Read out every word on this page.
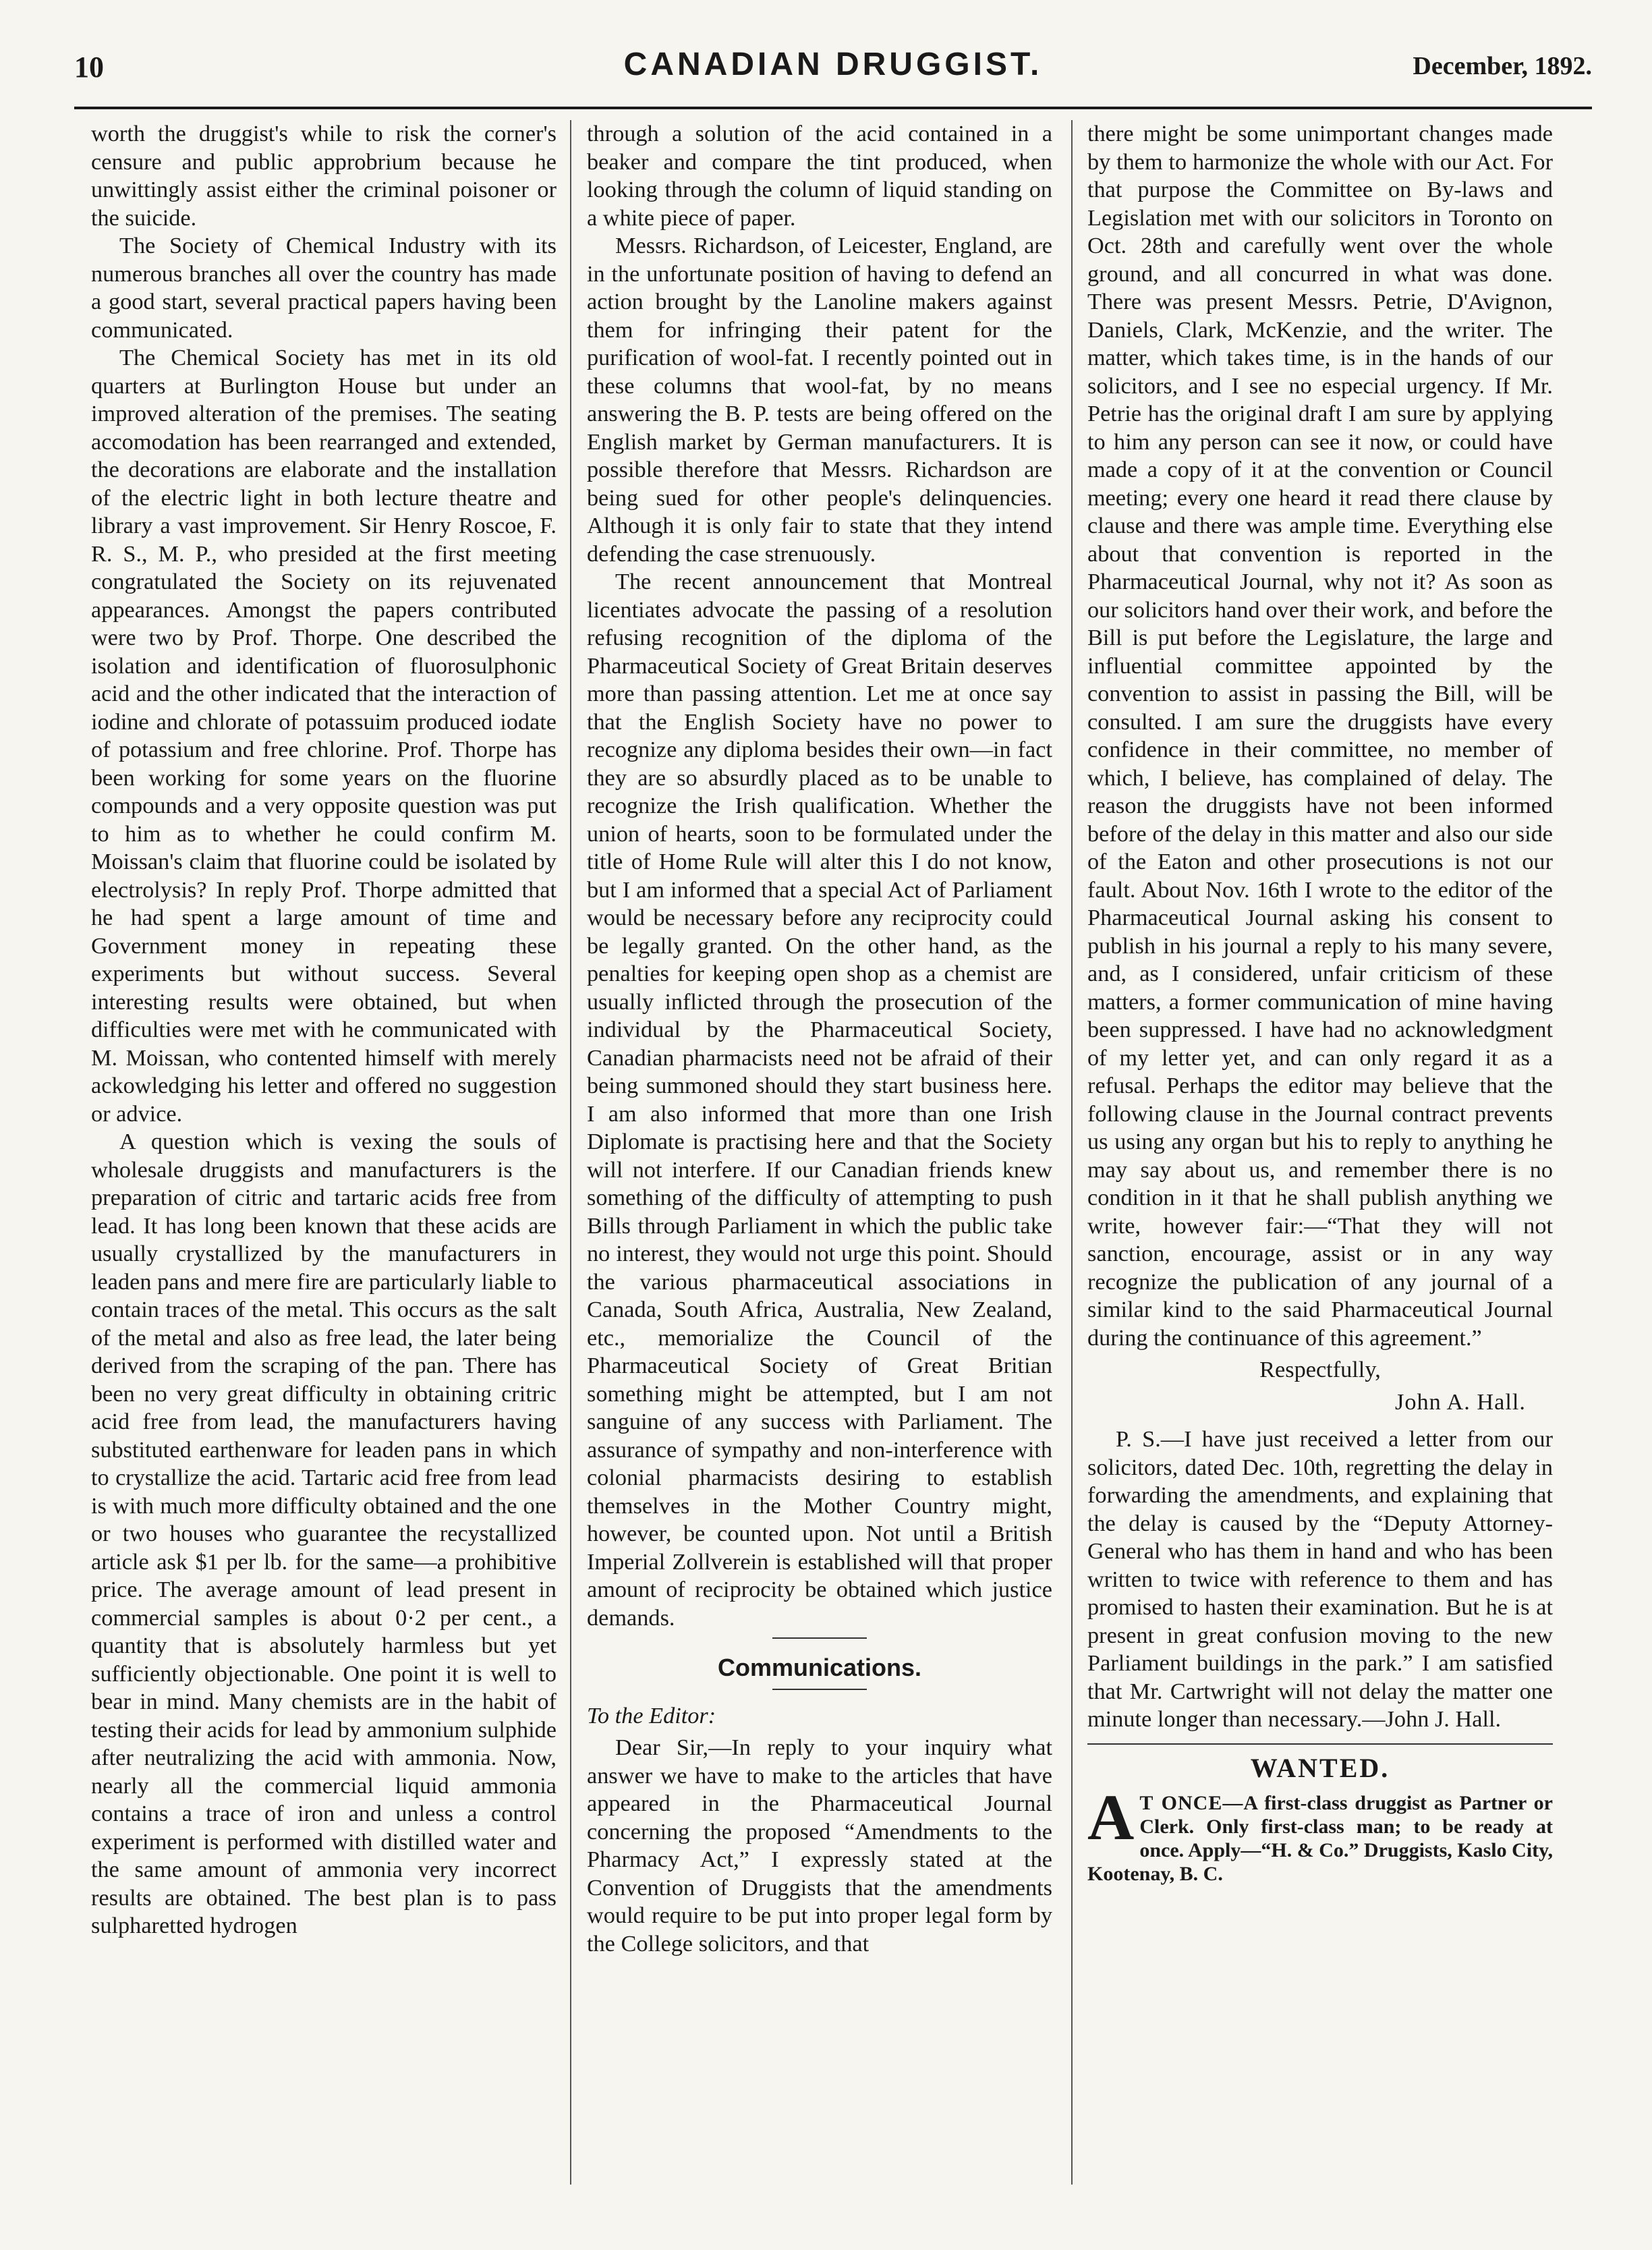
10	CANADIAN DRUGGIST.	December, 1892.

worth the druggist's while to risk the corner's censure and public approbrium because he unwittingly assist either the criminal poisoner or the suicide.

The Society of Chemical Industry with its numerous branches all over the country has made a good start, several practical papers having been communicated.

The Chemical Society has met in its old quarters at Burlington House but under an improved alteration of the premises. The seating accomodation has been rearranged and extended, the decorations are elaborate and the installation of the electric light in both lecture theatre and library a vast improvement. Sir Henry Roscoe, F. R. S., M. P., who presided at the first meeting congratulated the Society on its rejuvenated appearances. Amongst the papers contributed were two by Prof. Thorpe. One described the isolation and identification of fluorosulphonic acid and the other indicated that the interaction of iodine and chlorate of potassuim produced iodate of potassium and free chlorine. Prof. Thorpe has been working for some years on the fluorine compounds and a very opposite question was put to him as to whether he could confirm M. Moissan's claim that fluorine could be isolated by electrolysis? In reply Prof. Thorpe admitted that he had spent a large amount of time and Government money in repeating these experiments but without success. Several interesting results were obtained, but when difficulties were met with he communicated with M. Moissan, who contented himself with merely ackowledging his letter and offered no suggestion or advice.

A question which is vexing the souls of wholesale druggists and manufacturers is the preparation of citric and tartaric acids free from lead. It has long been known that these acids are usually crystallized by the manufacturers in leaden pans and mere fire are particularly liable to contain traces of the metal. This occurs as the salt of the metal and also as free lead, the later being derived from the scraping of the pan. There has been no very great difficulty in obtaining critric acid free from lead, the manufacturers having substituted earthenware for leaden pans in which to crystallize the acid. Tartaric acid free from lead is with much more difficulty obtained and the one or two houses who guarantee the recystallized article ask $1 per lb. for the same—a prohibitive price. The average amount of lead present in commercial samples is about 0·2 per cent., a quantity that is absolutely harmless but yet sufficiently objectionable. One point it is well to bear in mind. Many chemists are in the habit of testing their acids for lead by ammonium sulphide after neutralizing the acid with ammonia. Now, nearly all the commercial liquid ammonia contains a trace of iron and unless a control experiment is performed with distilled water and the same amount of ammonia very incorrect results are obtained. The best plan is to pass sulpharetted hydrogen

through a solution of the acid contained in a beaker and compare the tint produced, when looking through the column of liquid standing on a white piece of paper.

Messrs. Richardson, of Leicester, England, are in the unfortunate position of having to defend an action brought by the Lanoline makers against them for infringing their patent for the purification of wool-fat. I recently pointed out in these columns that wool-fat, by no means answering the B. P. tests are being offered on the English market by German manufacturers. It is possible therefore that Messrs. Richardson are being sued for other people's delinquencies. Although it is only fair to state that they intend defending the case strenuously.

The recent announcement that Montreal licentiates advocate the passing of a resolution refusing recognition of the diploma of the Pharmaceutical Society of Great Britain deserves more than passing attention. Let me at once say that the English Society have no power to recognize any diploma besides their own—in fact they are so absurdly placed as to be unable to recognize the Irish qualification. Whether the union of hearts, soon to be formulated under the title of Home Rule will alter this I do not know, but I am informed that a special Act of Parliament would be necessary before any reciprocity could be legally granted. On the other hand, as the penalties for keeping open shop as a chemist are usually inflicted through the prosecution of the individual by the Pharmaceutical Society, Canadian pharmacists need not be afraid of their being summoned should they start business here. I am also informed that more than one Irish Diplomate is practising here and that the Society will not interfere. If our Canadian friends knew something of the difficulty of attempting to push Bills through Parliament in which the public take no interest, they would not urge this point. Should the various pharmaceutical associations in Canada, South Africa, Australia, New Zealand, etc., memorialize the Council of the Pharmaceutical Society of Great Britian something might be attempted, but I am not sanguine of any success with Parliament. The assurance of sympathy and non-interference with colonial pharmacists desiring to establish themselves in the Mother Country might, however, be counted upon. Not until a British Imperial Zollverein is established will that proper amount of reciprocity be obtained which justice demands.

Communications.
To the Editor:

Dear Sir,—In reply to your inquiry what answer we have to make to the articles that have appeared in the Pharmaceutical Journal concerning the proposed “Amendments to the Pharmacy Act,” I expressly stated at the Convention of Druggists that the amendments would require to be put into proper legal form by the College solicitors, and that

there might be some unimportant changes made by them to harmonize the whole with our Act. For that purpose the Committee on By-laws and Legislation met with our solicitors in Toronto on Oct. 28th and carefully went over the whole ground, and all concurred in what was done. There was present Messrs. Petrie, D'Avignon, Daniels, Clark, McKenzie, and the writer. The matter, which takes time, is in the hands of our solicitors, and I see no especial urgency. If Mr. Petrie has the original draft I am sure by applying to him any person can see it now, or could have made a copy of it at the convention or Council meeting; every one heard it read there clause by clause and there was ample time. Everything else about that convention is reported in the Pharmaceutical Journal, why not it? As soon as our solicitors hand over their work, and before the Bill is put before the Legislature, the large and influential committee appointed by the convention to assist in passing the Bill, will be consulted. I am sure the druggists have every confidence in their committee, no member of which, I believe, has complained of delay. The reason the druggists have not been informed before of the delay in this matter and also our side of the Eaton and other prosecutions is not our fault. About Nov. 16th I wrote to the editor of the Pharmaceutical Journal asking his consent to publish in his journal a reply to his many severe, and, as I considered, unfair criticism of these matters, a former communication of mine having been suppressed. I have had no acknowledgment of my letter yet, and can only regard it as a refusal. Perhaps the editor may believe that the following clause in the Journal contract prevents us using any organ but his to reply to anything he may say about us, and remember there is no condition in it that he shall publish anything we write, however fair:—“That they will not sanction, encourage, assist or in any way recognize the publication of any journal of a similar kind to the said Pharmaceutical Journal during the continuance of this agreement.”

Respectfully,
John A. Hall.

P. S.—I have just received a letter from our solicitors, dated Dec. 10th, regretting the delay in forwarding the amendments, and explaining that the delay is caused by the “Deputy Attorney-General who has them in hand and who has been written to twice with reference to them and has promised to hasten their examination. But he is at present in great confusion moving to the new Parliament buildings in the park.” I am satisfied that Mr. Cartwright will not delay the matter one minute longer than necessary.—John J. Hall.

WANTED.
A T ONCE—A first-class druggist as Partner or Clerk. Only first-class man; to be ready at once. Apply—“H. & Co.” Druggists, Kaslo City, Kootenay, B. C.
